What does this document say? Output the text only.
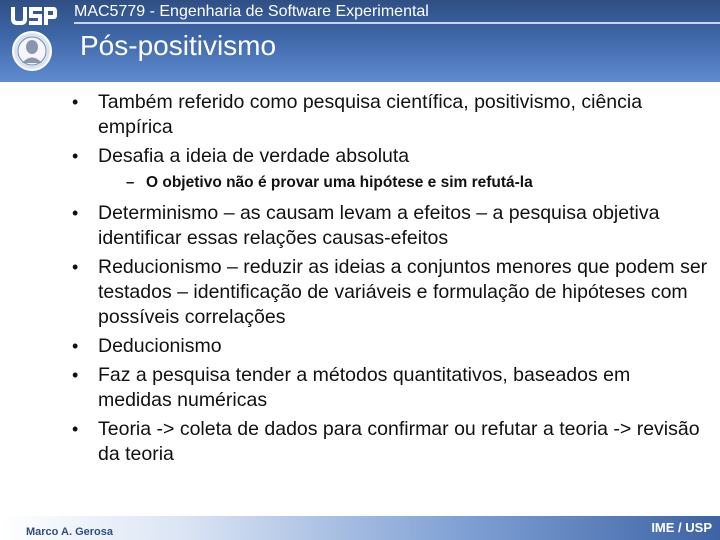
MAC5779 - Engenharia de Software Experimental
Pós-positivismo
• Também referido como pesquisa científica, positivismo, ciência empírica
• Desafia a ideia de verdade absoluta
– O objetivo não é provar uma hipótese e sim refutá-la
• Determinismo – as causam levam a efeitos – a pesquisa objetiva identificar essas relações causas-efeitos
• Reducionismo – reduzir as ideias a conjuntos menores que podem ser testados – identificação de variáveis e formulação de hipóteses com possíveis correlações
• Deducionismo
• Faz a pesquisa tender a métodos quantitativos, baseados em medidas numéricas
• Teoria -> coleta de dados para confirmar ou refutar a teoria -> revisão da teoria
Marco A. Gerosa	IME / USP
